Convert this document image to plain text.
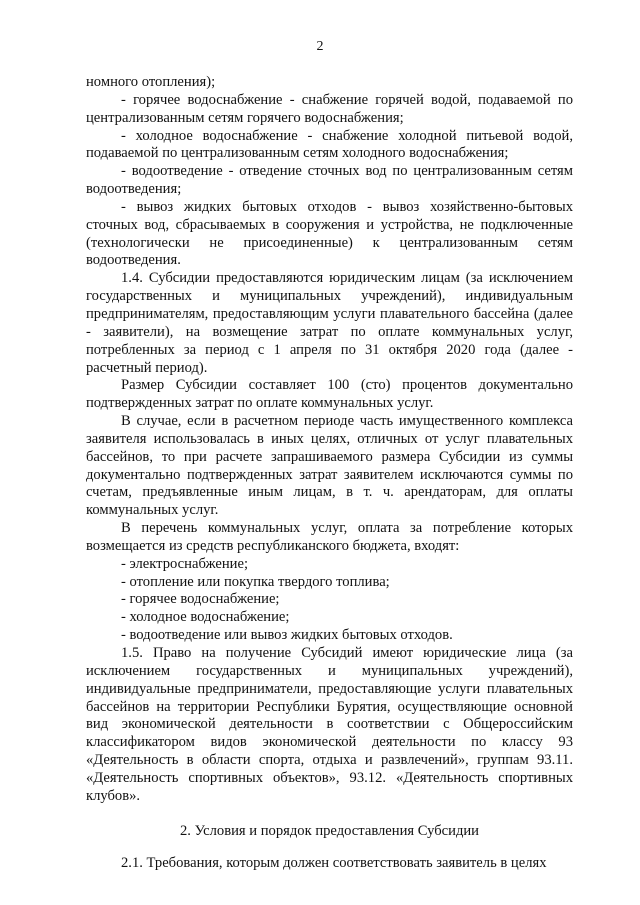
2

номного отопления);

- горячее водоснабжение - снабжение горячей водой, подаваемой по централизованным сетям горячего водоснабжения;

- холодное водоснабжение - снабжение холодной питьевой водой, подаваемой по централизованным сетям холодного водоснабжения;

- водоотведение - отведение сточных вод по централизованным сетям водоотведения;

- вывоз жидких бытовых отходов - вывоз хозяйственно-бытовых сточных вод, сбрасываемых в сооружения и устройства, не подключенные (технологически не присоединенные) к централизованным сетям водоотведения.

1.4. Субсидии предоставляются юридическим лицам (за исключением государственных и муниципальных учреждений), индивидуальным предпринимателям, предоставляющим услуги плавательного бассейна (далее - заявители), на возмещение затрат по оплате коммунальных услуг, потребленных за период с 1 апреля по 31 октября 2020 года (далее - расчетный период).

Размер Субсидии составляет 100 (сто) процентов документально подтвержденных затрат по оплате коммунальных услуг.

В случае, если в расчетном периоде часть имущественного комплекса заявителя использовалась в иных целях, отличных от услуг плавательных бассейнов, то при расчете запрашиваемого размера Субсидии из суммы документально подтвержденных затрат заявителем исключаются суммы по счетам, предъявленные иным лицам, в т. ч. арендаторам, для оплаты коммунальных услуг.

В перечень коммунальных услуг, оплата за потребление которых возмещается из средств республиканского бюджета, входят:

- электроснабжение;

- отопление или покупка твердого топлива;

- горячее водоснабжение;

- холодное водоснабжение;

- водоотведение или вывоз жидких бытовых отходов.

1.5. Право на получение Субсидий имеют юридические лица (за исключением государственных и муниципальных учреждений), индивидуальные предприниматели, предоставляющие услуги плавательных бассейнов на территории Республики Бурятия, осуществляющие основной вид экономической деятельности в соответствии с Общероссийским классификатором видов экономической деятельности по классу 93 «Деятельность в области спорта, отдыха и развлечений», группам 93.11. «Деятельность спортивных объектов», 93.12. «Деятельность спортивных клубов».

2. Условия и порядок предоставления Субсидии

2.1. Требования, которым должен соответствовать заявитель в целях
